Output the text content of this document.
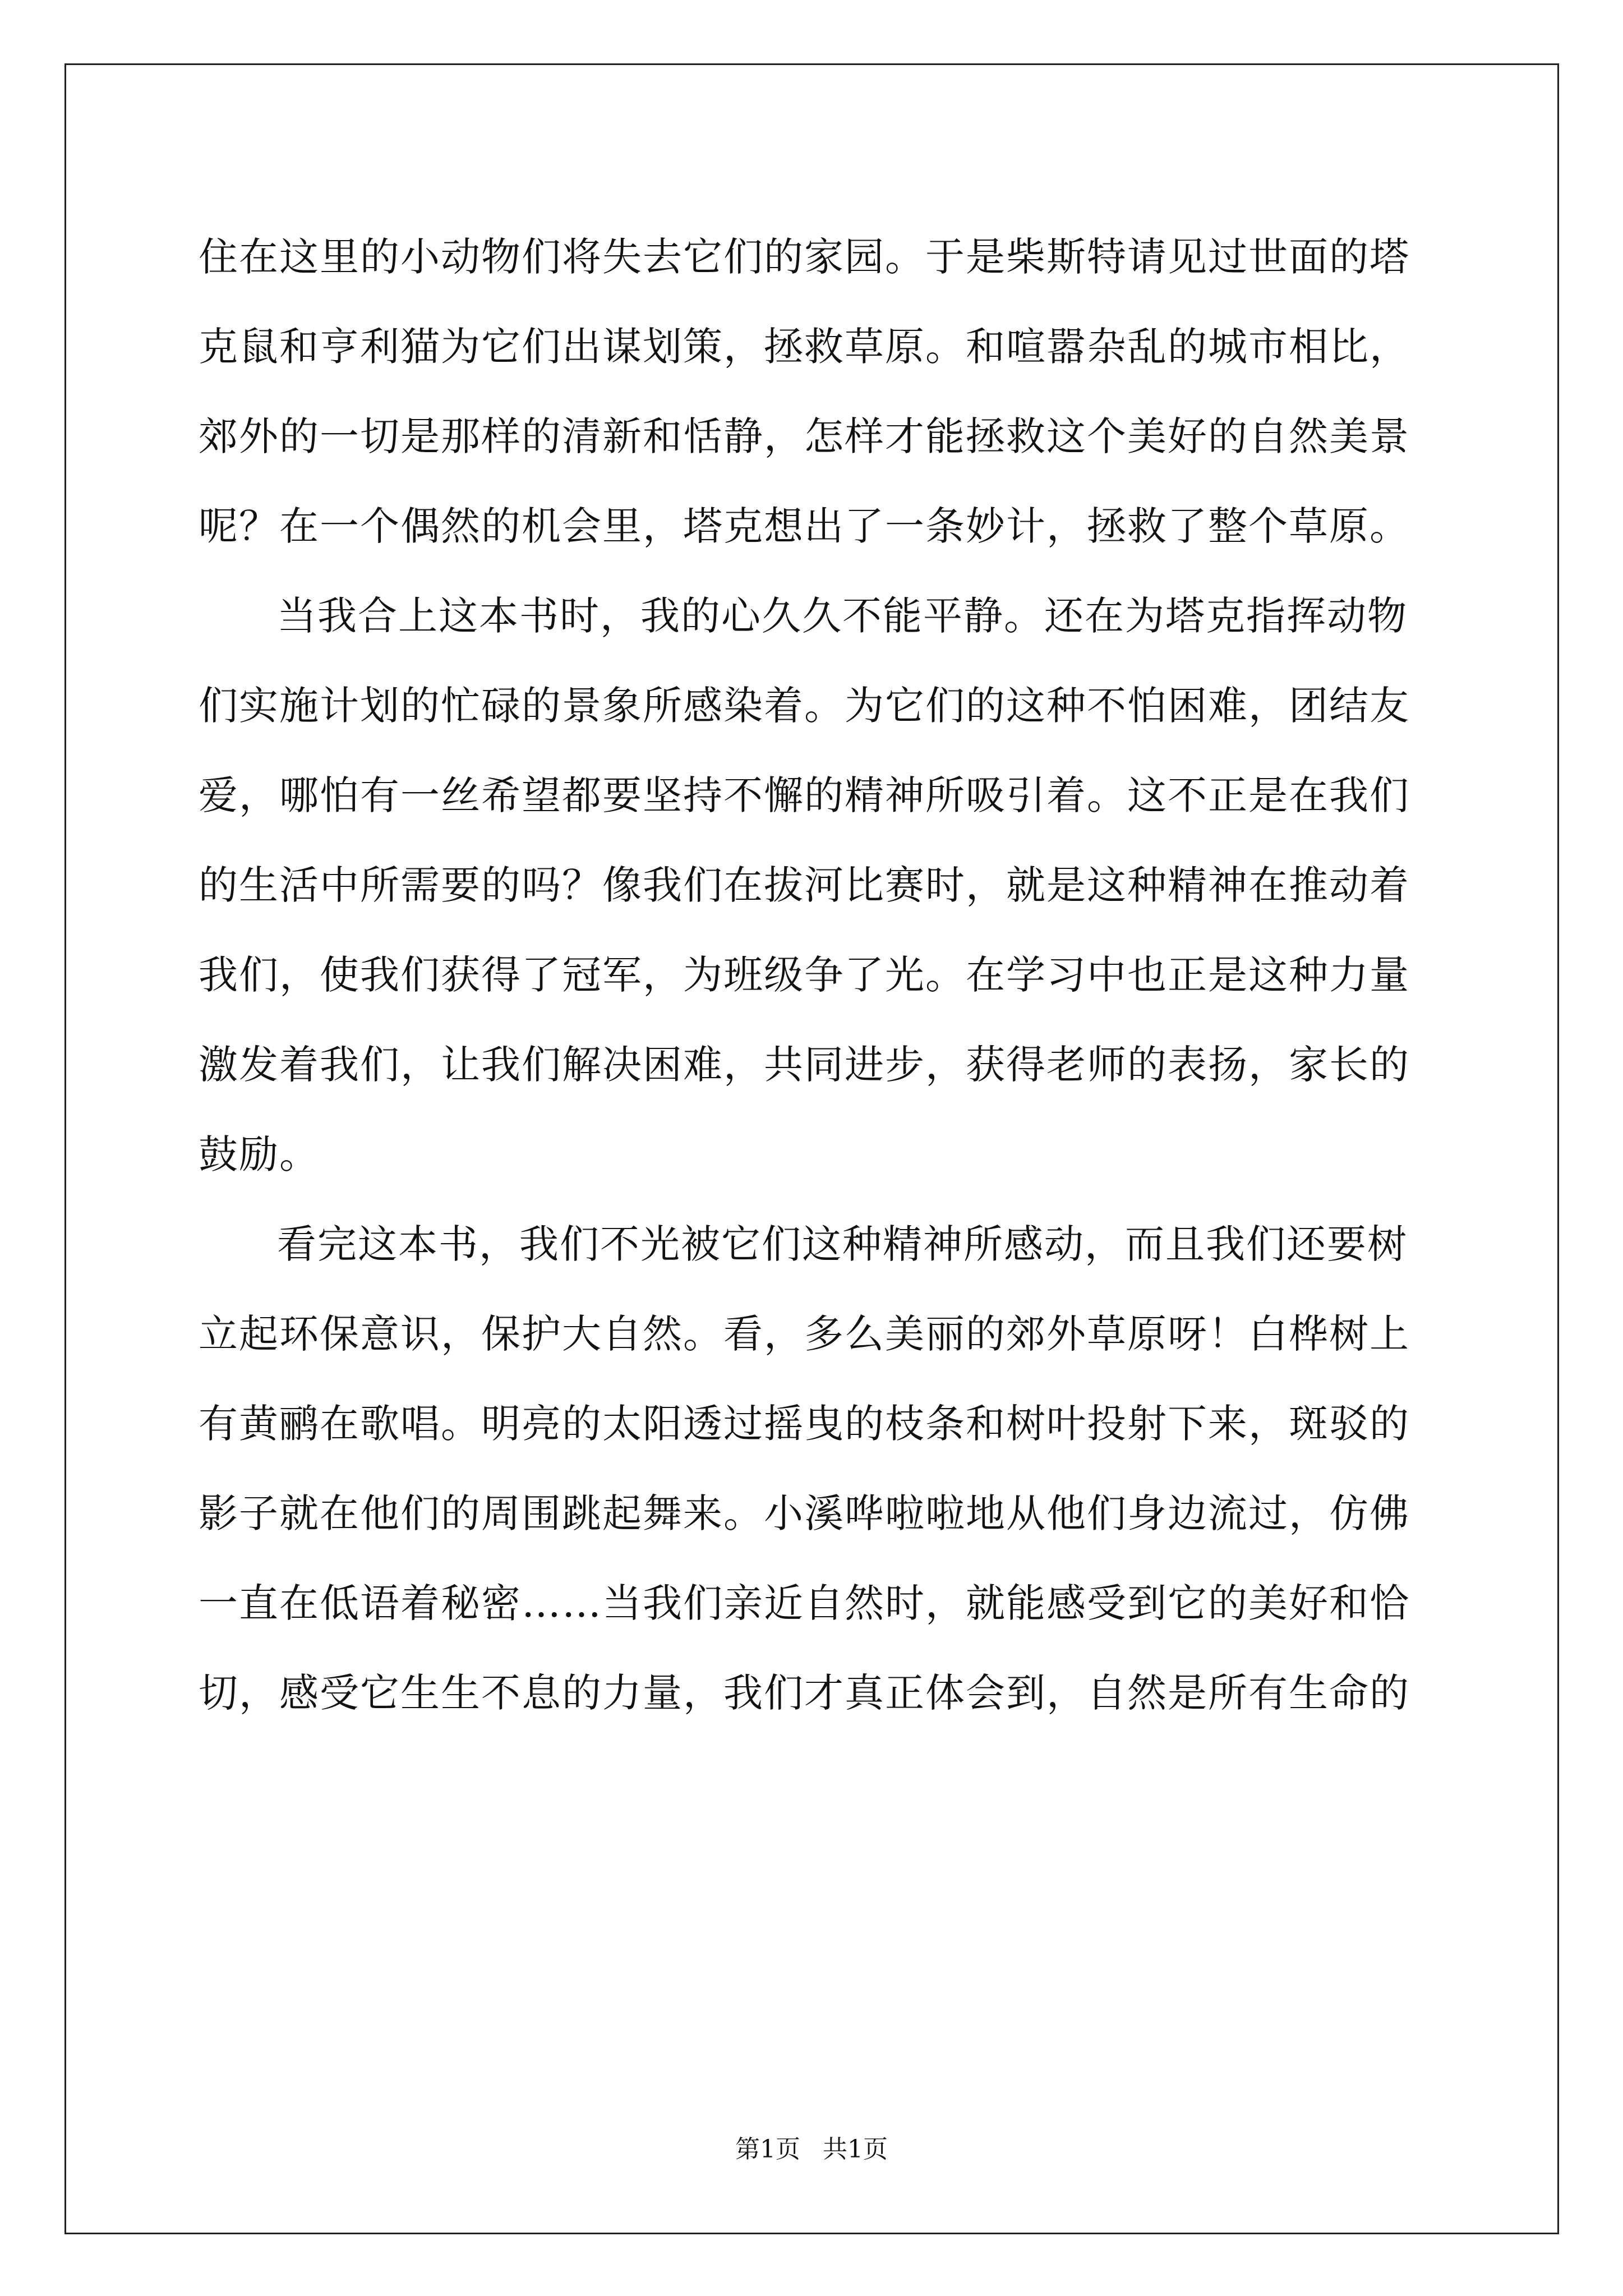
住在这里的小动物们将失去它们的家园。于是柴斯特请见过世面的塔
克鼠和亨利猫为它们出谋划策，拯救草原。和喧嚣杂乱的城市相比，
郊外的一切是那样的清新和恬静，怎样才能拯救这个美好的自然美景
呢？在一个偶然的机会里，塔克想出了一条妙计，拯救了整个草原。
当我合上这本书时，我的心久久不能平静。还在为塔克指挥动物
们实施计划的忙碌的景象所感染着。为它们的这种不怕困难，团结友
爱，哪怕有一丝希望都要坚持不懈的精神所吸引着。这不正是在我们
的生活中所需要的吗？像我们在拔河比赛时，就是这种精神在推动着
我们，使我们获得了冠军，为班级争了光。在学习中也正是这种力量
激发着我们，让我们解决困难，共同进步，获得老师的表扬，家长的
鼓励。
看完这本书，我们不光被它们这种精神所感动，而且我们还要树
立起环保意识，保护大自然。看，多么美丽的郊外草原呀！白桦树上
有黄鹂在歌唱。明亮的太阳透过摇曳的枝条和树叶投射下来，斑驳的
影子就在他们的周围跳起舞来。小溪哗啦啦地从他们身边流过，仿佛
一直在低语着秘密……当我们亲近自然时，就能感受到它的美好和恰
切，感受它生生不息的力量，我们才真正体会到，自然是所有生命的
第1页 共1页
